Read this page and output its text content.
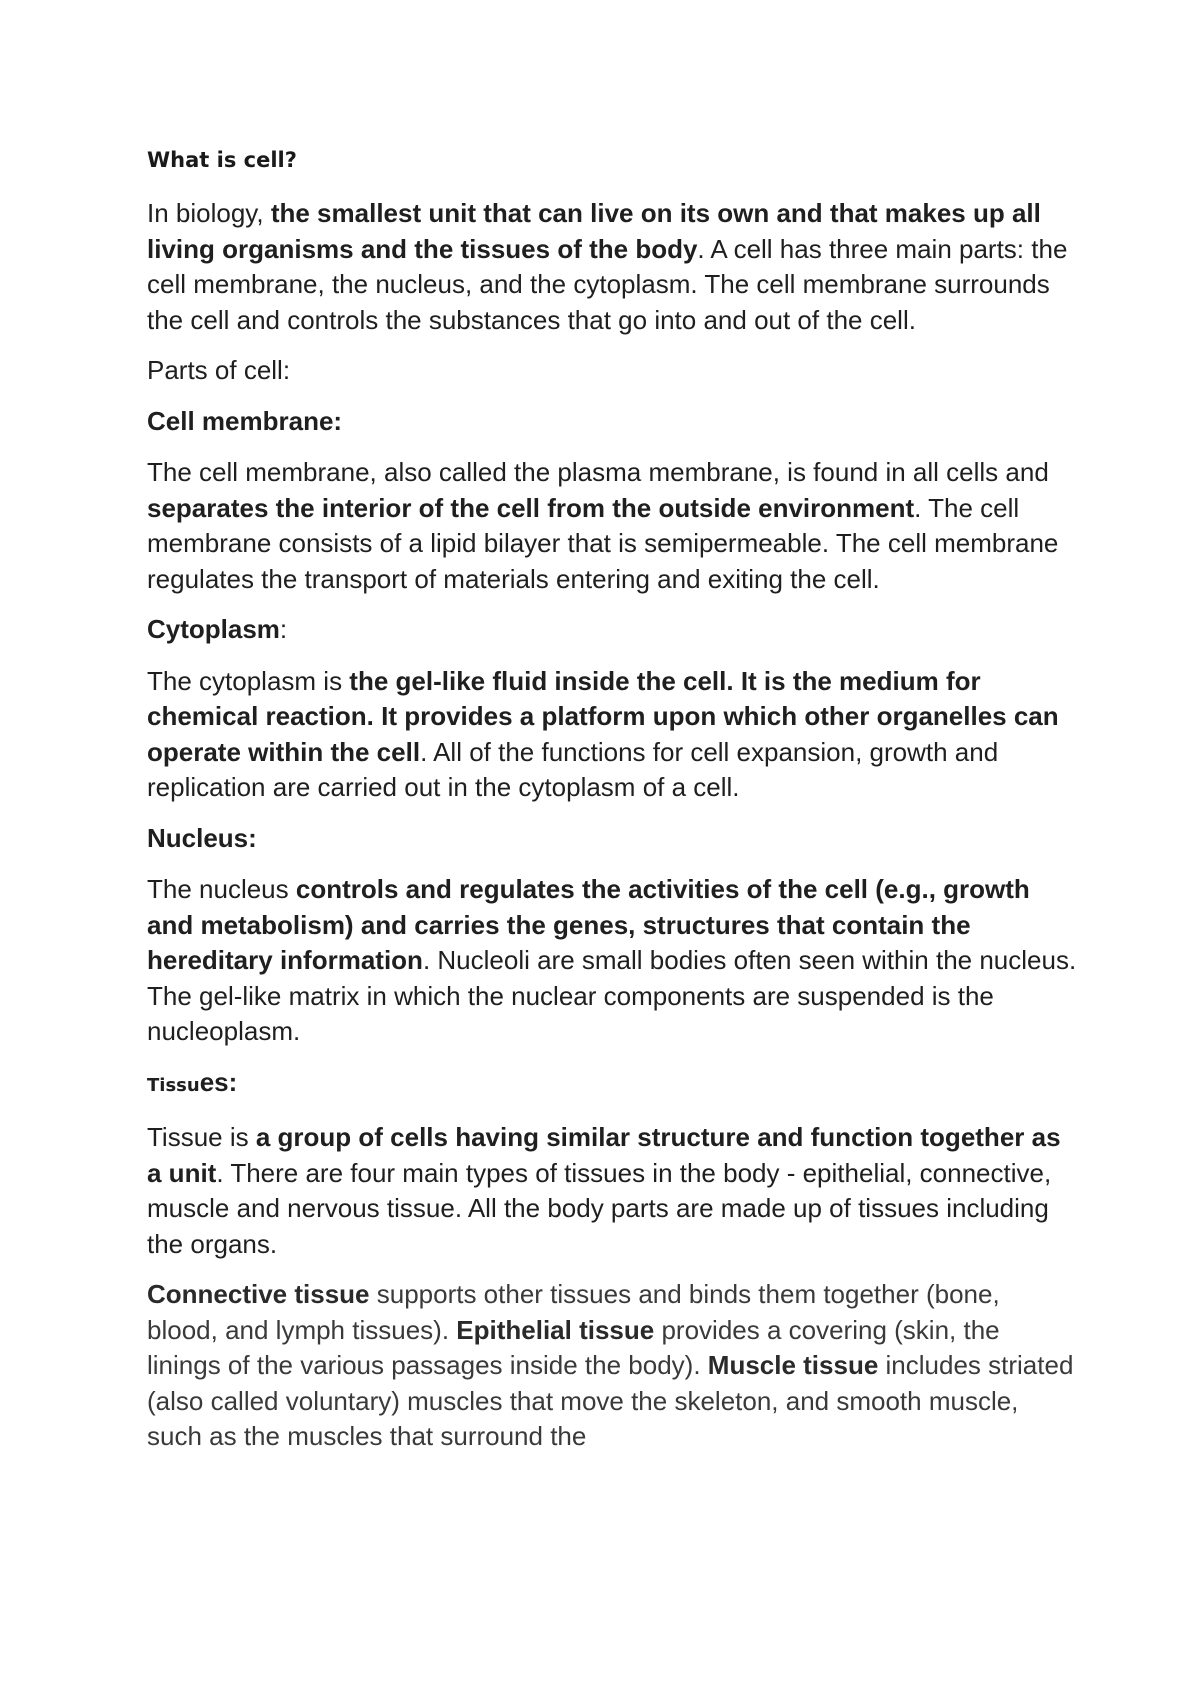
What is cell?

In biology, the smallest unit that can live on its own and that makes up all living organisms and the tissues of the body. A cell has three main parts: the cell membrane, the nucleus, and the cytoplasm. The cell membrane surrounds the cell and controls the substances that go into and out of the cell.

Parts of cell:

Cell membrane:

The cell membrane, also called the plasma membrane, is found in all cells and separates the interior of the cell from the outside environment. The cell membrane consists of a lipid bilayer that is semipermeable. The cell membrane regulates the transport of materials entering and exiting the cell.

Cytoplasm:

The cytoplasm is the gel-like fluid inside the cell. It is the medium for chemical reaction. It provides a platform upon which other organelles can operate within the cell. All of the functions for cell expansion, growth and replication are carried out in the cytoplasm of a cell.

Nucleus:

The nucleus controls and regulates the activities of the cell (e.g., growth and metabolism) and carries the genes, structures that contain the hereditary information. Nucleoli are small bodies often seen within the nucleus. The gel-like matrix in which the nuclear components are suspended is the nucleoplasm.

Tissues:

Tissue is a group of cells having similar structure and function together as a unit. There are four main types of tissues in the body - epithelial, connective, muscle and nervous tissue. All the body parts are made up of tissues including the organs.

Connective tissue supports other tissues and binds them together (bone, blood, and lymph tissues). Epithelial tissue provides a covering (skin, the linings of the various passages inside the body). Muscle tissue includes striated (also called voluntary) muscles that move the skeleton, and smooth muscle, such as the muscles that surround the
